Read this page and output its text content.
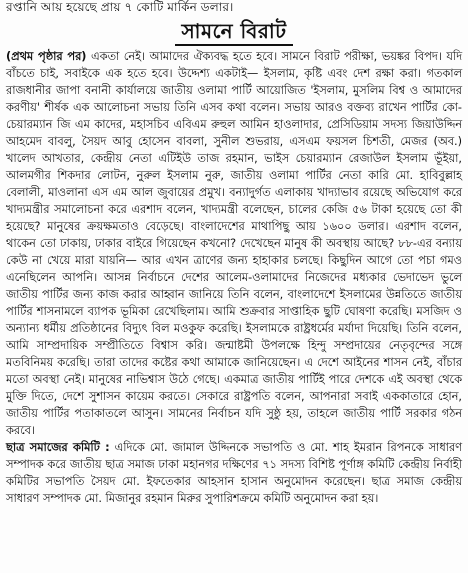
রপ্তানি আয় হয়েছে প্রায় ৭ কোটি মার্কিন ডলার।
সামনে বিরাট

(প্রথম পৃষ্ঠার পর) একতা নেই। আমাদের ঐক্যবদ্ধ হতে হবে। সামনে বিরাট পরীক্ষা, ভয়ঙ্কর বিপদ। যদি বাঁচতে চাই, সবাইকে এক হতে হবে। উদ্দেশ্য একটাই— ইসলাম, কৃষ্টি এবং দেশ রক্ষা করা। গতকাল রাজধানীর জাপা বনানী কার্যালয়ে জাতীয় ওলামা পার্টি আয়োজিত 'ইসলাম, মুসলিম বিশ্ব ও আমাদের করণীয়' শীর্ষক এক আলোচনা সভায় তিনি এসব কথা বলেন। সভায় আরও বক্তব্য রাখেন পার্টির কো-চেয়ারম্যান জি এম কাদের, মহাসচিব এবিএম রুহুল আমিন হাওলাদার, প্রেসিডিয়াম সদস্য জিয়াউদ্দিন আহমেদ বাবলু, সৈয়দ আবু হোসেন বাবলা, সুনীল শুভরায়, এসএম ফয়সল চিশতী, মেজর (অব.) খালেদ আখতার, কেন্দ্রীয় নেতা এটিইউ তাজ রহমান, ভাইস চেয়ারম্যান রেজাউল ইসলাম ভূঁইয়া, আলমগীর শিকদার লোটন, নুরুল ইসলাম নুরু, জাতীয় ওলামা পার্টির নেতা কারি মো. হাবিবুল্লাহ বেলালী, মাওলানা এস এম আল জুবায়ের প্রমুখ। বন্যাদুর্গত এলাকায় খাদ্যাভাব রয়েছে অভিযোগ করে খাদ্যমন্ত্রীর সমালোচনা করে এরশাদ বলেন, খাদ্যমন্ত্রী বলেছেন, চালের কেজি ৫৬ টাকা হয়েছে তো কী হয়েছে? মানুষের ক্রয়ক্ষমতাও বেড়েছে। বাংলাদেশের মাথাপিছু আয় ১৬০০ ডলার। এরশাদ বলেন, থাকেন তো ঢাকায়, ঢাকার বাইরে গিয়েছেন কখনো? দেখেছেন মানুষ কী অবস্থায় আছে? ৮৮-এর বন্যায় কেউ না খেয়ে মারা যায়নি— আর এখন ত্রাণের জন্য হাহাকার চলছে। কিছুদিন আগে তো পচা গমও এনেছিলেন আপনি। আসন্ন নির্বাচনে দেশের আলেম-ওলামাদের নিজেদের মধ্যকার ভেদাভেদ ভুলে জাতীয় পার্টির জন্য কাজ করার আহ্বান জানিয়ে তিনি বলেন, বাংলাদেশে ইসলামের উন্নতিতে জাতীয় পার্টির শাসনামলে ব্যাপক ভূমিকা রেখেছিলাম। আমি শুক্রবার সাপ্তাহিক ছুটি ঘোষণা করেছি। মসজিদ ও অন্যান্য ধর্মীয় প্রতিষ্ঠানের বিদ্যুৎ বিল মওকুফ করেছি। ইসলামকে রাষ্ট্রধর্মের মর্যাদা দিয়েছি। তিনি বলেন, আমি সাম্প্রদায়িক সম্প্রীতিতে বিশ্বাস করি। জন্মাষ্টমী উপলক্ষে হিন্দু সম্প্রদায়ের নেতৃবৃন্দের সঙ্গে মতবিনিময় করেছি। তারা তাদের কষ্টের কথা আমাকে জানিয়েছেন। এ দেশে আইনের শাসন নেই, বাঁচার মতো অবস্থা নেই। মানুষের নাভিশ্বাস উঠে গেছে। একমাত্র জাতীয় পার্টিই পারে দেশকে এই অবস্থা থেকে মুক্তি দিতে, দেশে সুশাসন কায়েম করতে। সেকারে রাষ্ট্রপতি বলেন, আপনারা সবাই এককাতারে হোন, জাতীয় পার্টির পতাকাতলে আসুন। সামনের নির্বাচন যদি সুষ্ঠু হয়, তাহলে জাতীয় পার্টি সরকার গঠন করবে।

ছাত্র সমাজের কমিটি : এদিকে মো. জামাল উদ্দিনকে সভাপতি ও মো. শাহ ইমরান রিপনকে সাধারণ সম্পাদক করে জাতীয় ছাত্র সমাজ ঢাকা মহানগর দক্ষিণের ৭১ সদস্য বিশিষ্ট পূর্ণাঙ্গ কমিটি কেন্দ্রীয় নির্বাহী কমিটির সভাপতি সৈয়দ মো. ইফতেকার আহসান হাসান অনুমোদন করেছেন। ছাত্র সমাজ কেন্দ্রীয় সাধারণ সম্পাদক মো. মিজানুর রহমান মিরুর সুপারিশক্রমে কমিটি অনুমোদন করা হয়।
